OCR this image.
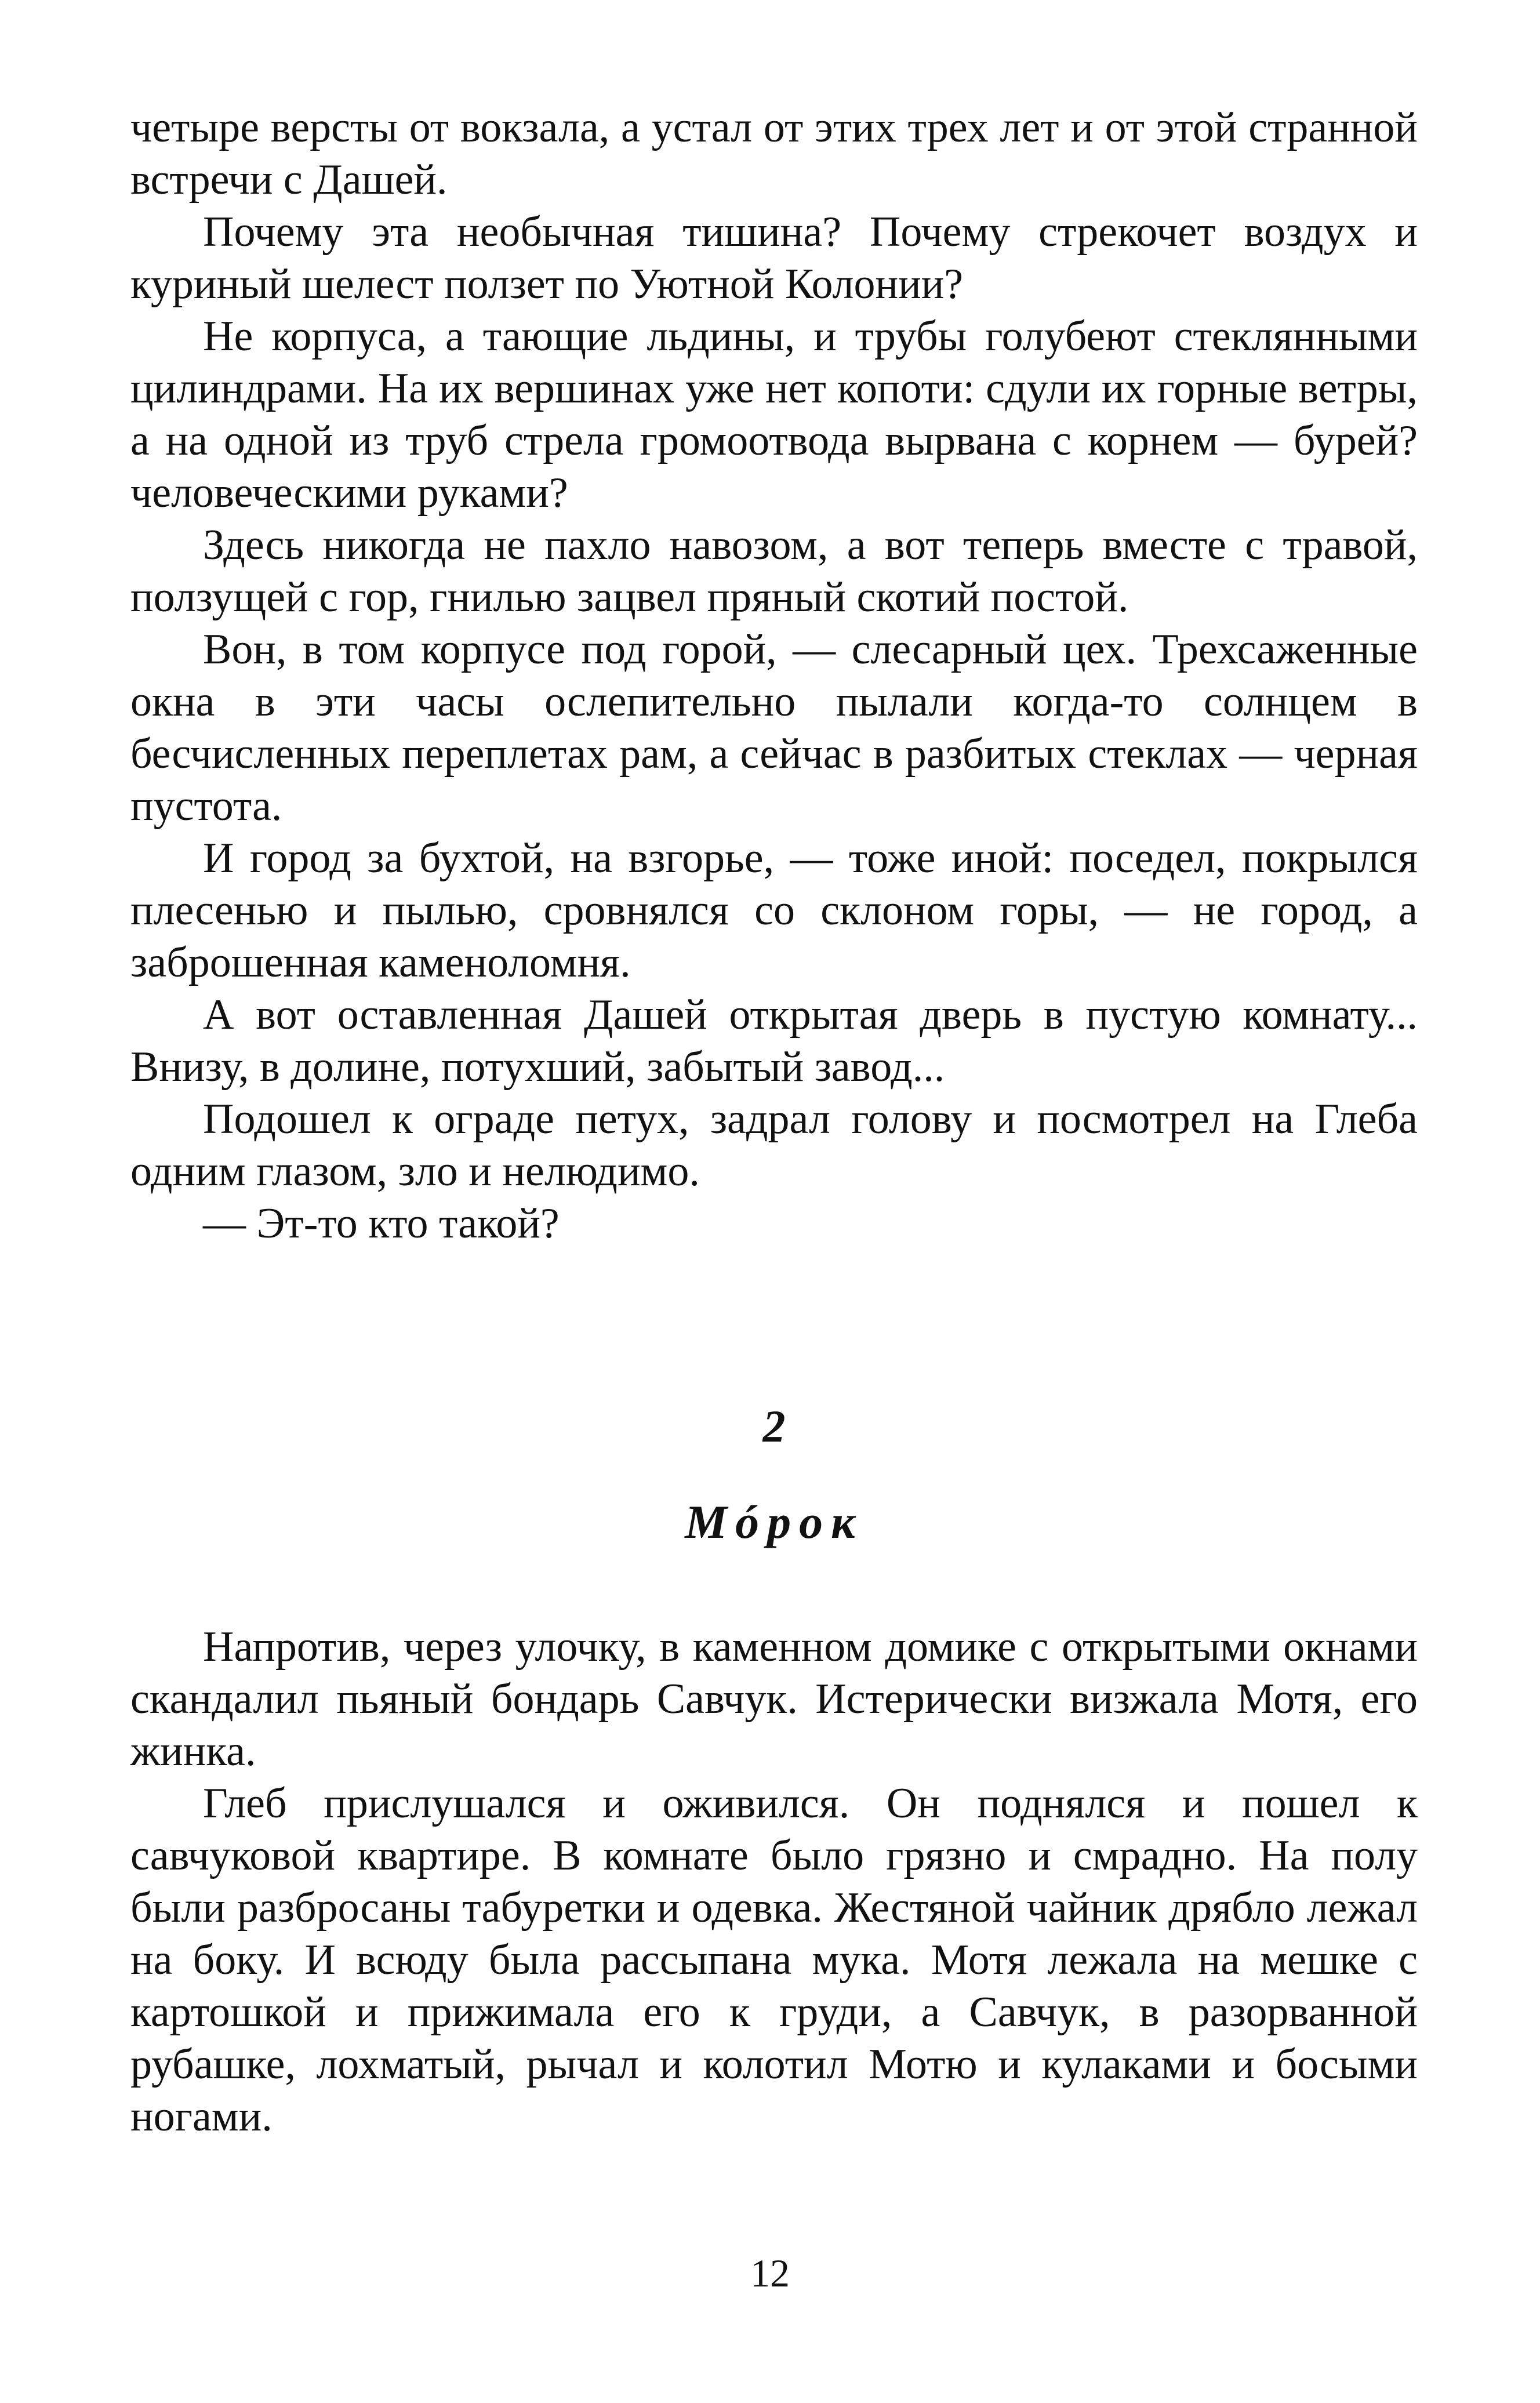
четыре версты от вокзала, а устал от этих трех лет и от этой странной встречи с Дашей.

Почему эта необычная тишина? Почему стрекочет воздух и куриный шелест ползет по Уютной Колонии?

Не корпуса, а тающие льдины, и трубы голубеют стеклянными цилиндрами. На их вершинах уже нет копоти: сдули их горные ветры, а на одной из труб стрела громоотвода вырвана с корнем — бурей? человеческими руками?

Здесь никогда не пахло навозом, а вот теперь вместе с травой, ползущей с гор, гнилью зацвел пряный скотий постой.

Вон, в том корпусе под горой, — слесарный цех. Трехсаженные окна в эти часы ослепительно пылали когда-то солнцем в бесчисленных переплетах рам, а сейчас в разбитых стеклах — черная пустота.

И город за бухтой, на взгорье, — тоже иной: поседел, покрылся плесенью и пылью, сровнялся со склоном горы, — не город, а заброшенная каменоломня.

А вот оставленная Дашей открытая дверь в пустую комнату... Внизу, в долине, потухший, забытый завод...

Подошел к ограде петух, задрал голову и посмотрел на Глеба одним глазом, зло и нелюдимо.

— Эт-то кто такой?

2

Мóрок

Напротив, через улочку, в каменном домике с открытыми окнами скандалил пьяный бондарь Савчук. Истерически визжала Мотя, его жинка.

Глеб прислушался и оживился. Он поднялся и пошел к савчуковой квартире. В комнате было грязно и смрадно. На полу были разбросаны табуретки и одевка. Жестяной чайник дрябло лежал на боку. И всюду была рассыпана мука. Мотя лежала на мешке с картошкой и прижимала его к груди, а Савчук, в разорванной рубашке, лохматый, рычал и колотил Мотю и кулаками и босыми ногами.

12
